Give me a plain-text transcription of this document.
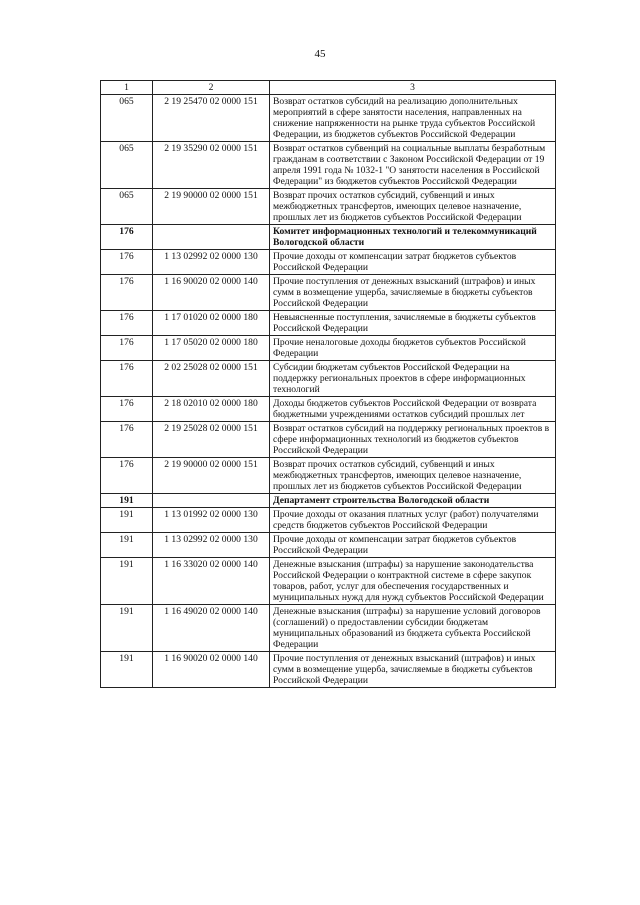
45
1	2	3
065	2 19 25470 02 0000 151	Возврат остатков субсидий на реализацию дополнительных мероприятий в сфере занятости населения, направленных на снижение напряженности на рынке труда субъектов Российской Федерации, из бюджетов субъектов Российской Федерации
065	2 19 35290 02 0000 151	Возврат остатков субвенций на социальные выплаты безработным гражданам в соответствии с Законом Российской Федерации от 19 апреля 1991 года № 1032-1 "О занятости населения в Российской Федерации" из бюджетов субъектов Российской Федерации
065	2 19 90000 02 0000 151	Возврат прочих остатков субсидий, субвенций и иных межбюджетных трансфертов, имеющих целевое назначение, прошлых лет из бюджетов субъектов Российской Федерации
176		Комитет информационных технологий и телекоммуникаций Вологодской области
176	1 13 02992 02 0000 130	Прочие доходы от компенсации затрат бюджетов субъектов Российской Федерации
176	1 16 90020 02 0000 140	Прочие поступления от денежных взысканий (штрафов) и иных сумм в возмещение ущерба, зачисляемые в бюджеты субъектов Российской Федерации
176	1 17 01020 02 0000 180	Невыясненные поступления, зачисляемые в бюджеты субъектов Российской Федерации
176	1 17 05020 02 0000 180	Прочие неналоговые доходы бюджетов субъектов Российской Федерации
176	2 02 25028 02 0000 151	Субсидии бюджетам субъектов Российской Федерации на поддержку региональных проектов в сфере информационных технологий
176	2 18 02010 02 0000 180	Доходы бюджетов субъектов Российской Федерации от возврата бюджетными учреждениями остатков субсидий прошлых лет
176	2 19 25028 02 0000 151	Возврат остатков субсидий на поддержку региональных проектов в сфере информационных технологий из бюджетов субъектов Российской Федерации
176	2 19 90000 02 0000 151	Возврат прочих остатков субсидий, субвенций и иных межбюджетных трансфертов, имеющих целевое назначение, прошлых лет из бюджетов субъектов Российской Федерации
191		Департамент строительства Вологодской области
191	1 13 01992 02 0000 130	Прочие доходы от оказания платных услуг (работ) получателями средств бюджетов субъектов Российской Федерации
191	1 13 02992 02 0000 130	Прочие доходы от компенсации затрат бюджетов субъектов Российской Федерации
191	1 16 33020 02 0000 140	Денежные взыскания (штрафы) за нарушение законодательства Российской Федерации о контрактной системе в сфере закупок товаров, работ, услуг для обеспечения государственных и муниципальных нужд для нужд субъектов Российской Федерации
191	1 16 49020 02 0000 140	Денежные взыскания (штрафы) за нарушение условий договоров (соглашений) о предоставлении субсидии бюджетам муниципальных образований из бюджета субъекта Российской Федерации
191	1 16 90020 02 0000 140	Прочие поступления от денежных взысканий (штрафов) и иных сумм в возмещение ущерба, зачисляемые в бюджеты субъектов Российской Федерации
